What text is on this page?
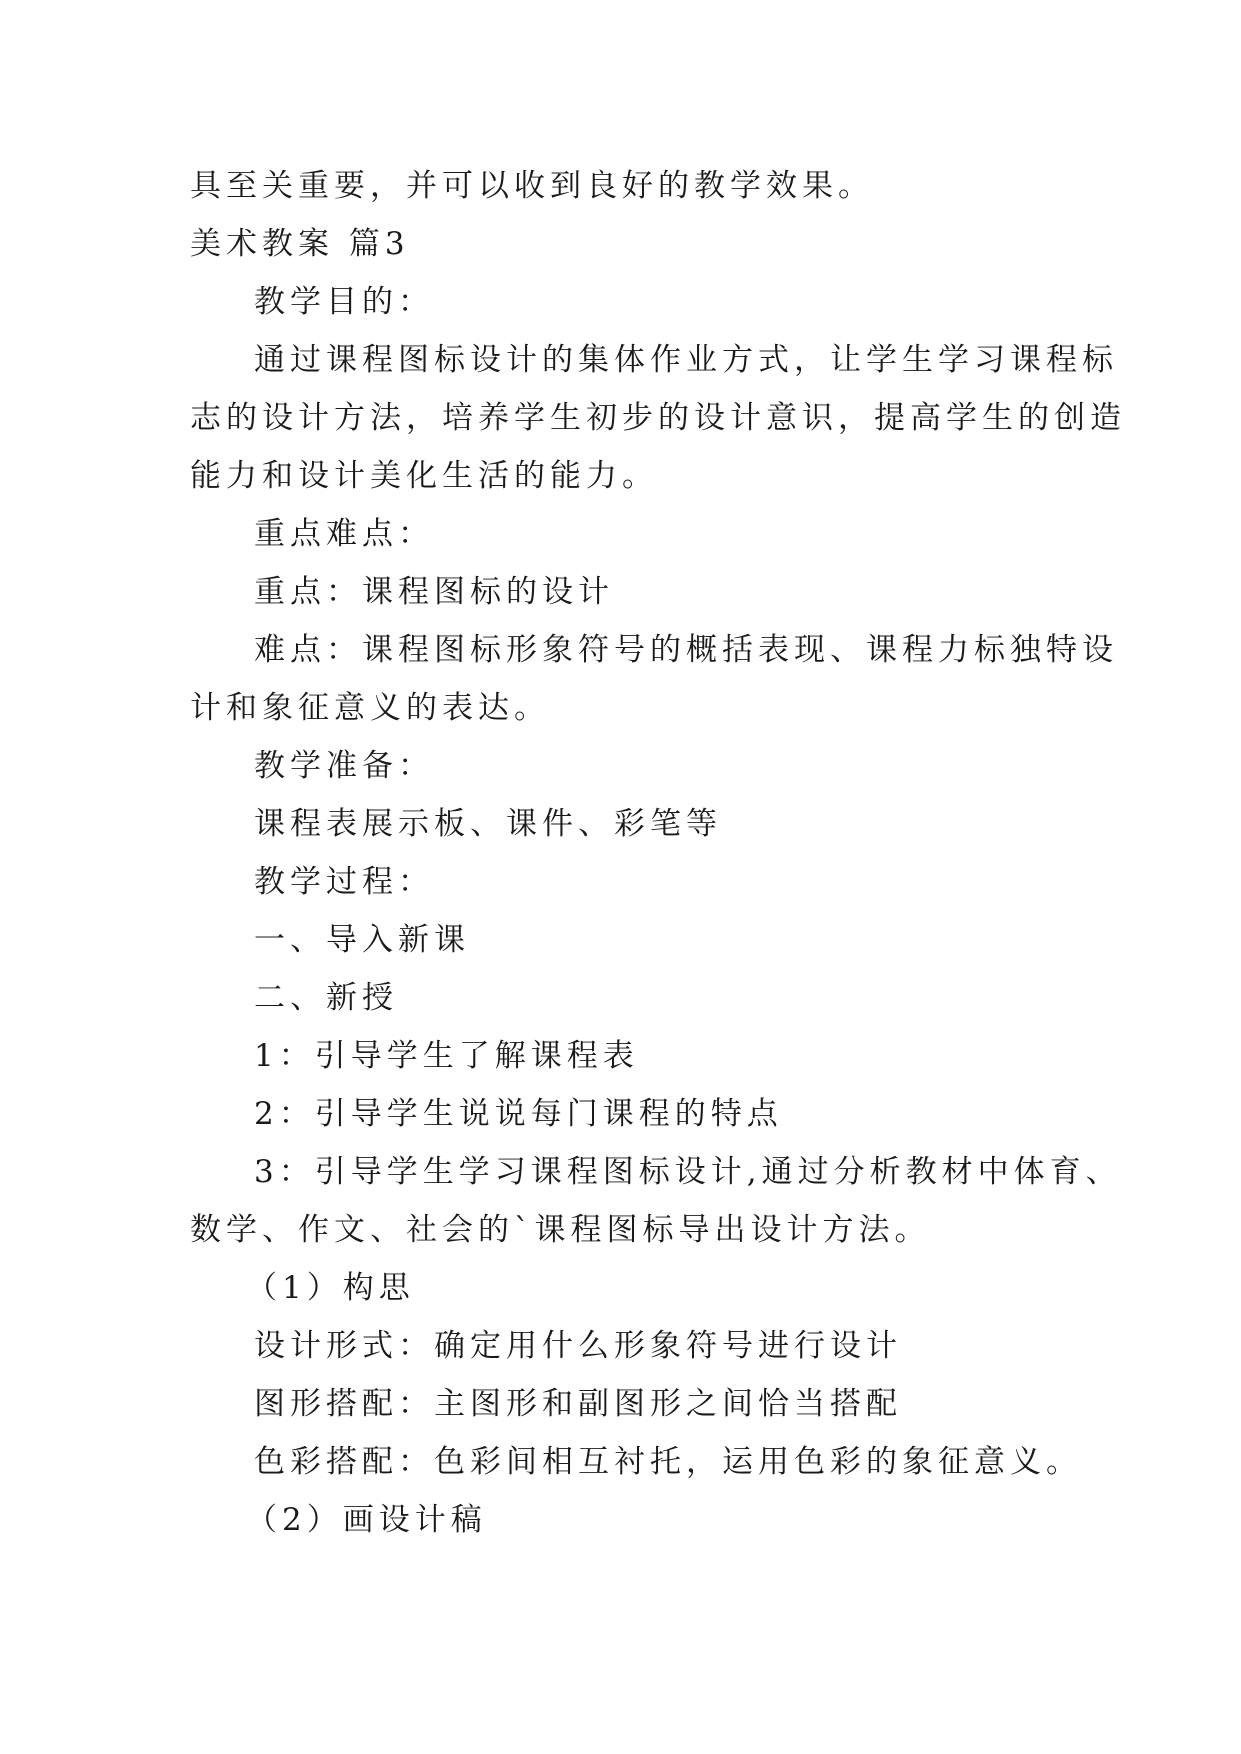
具至关重要，并可以收到良好的教学效果。
美术教案 篇3
教学目的：
通过课程图标设计的集体作业方式，让学生学习课程标
志的设计方法，培养学生初步的设计意识，提高学生的创造
能力和设计美化生活的能力。
重点难点：
重点：课程图标的设计
难点：课程图标形象符号的概括表现、课程力标独特设
计和象征意义的表达。
教学准备：
课程表展示板、课件、彩笔等
教学过程：
一、导入新课
二、新授
1：引导学生了解课程表
2：引导学生说说每门课程的特点
3：引导学生学习课程图标设计,通过分析教材中体育、
数学、作文、社会的`课程图标导出设计方法。
（1）构思
设计形式：确定用什么形象符号进行设计
图形搭配：主图形和副图形之间恰当搭配
色彩搭配：色彩间相互衬托，运用色彩的象征意义。
（2）画设计稿
